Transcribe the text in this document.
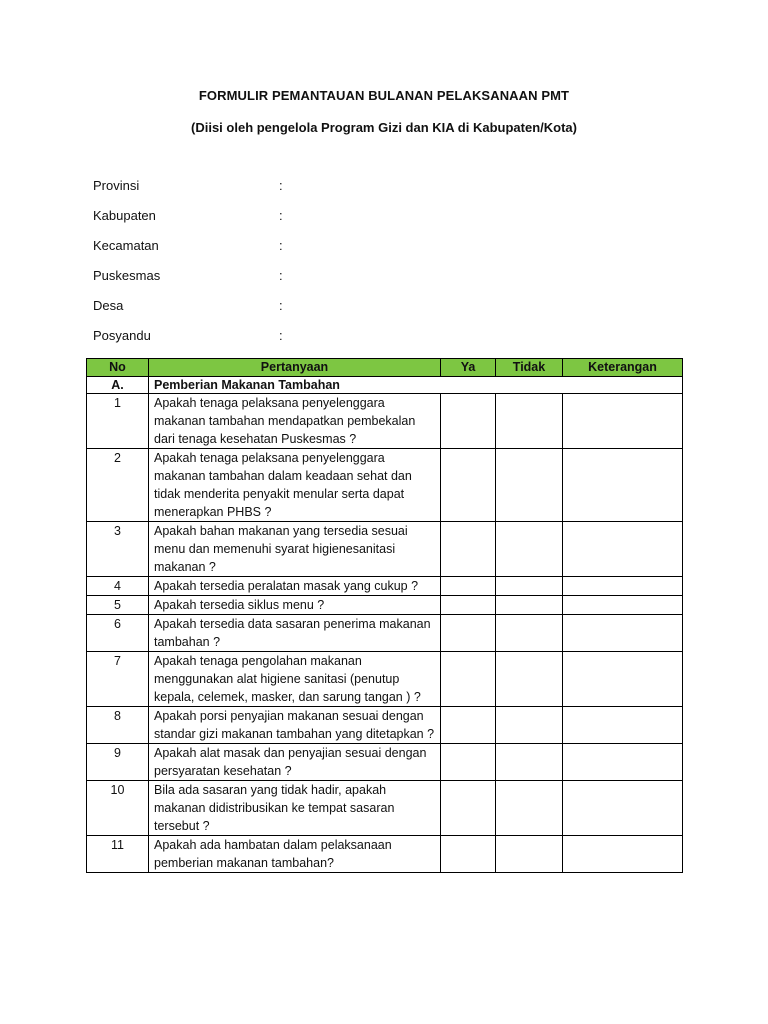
FORMULIR PEMANTAUAN BULANAN PELAKSANAAN PMT
(Diisi oleh pengelola Program Gizi dan KIA di Kabupaten/Kota)
Provinsi	:
Kabupaten	:
Kecamatan	:
Puskesmas	:
Desa	:
Posyandu	:
No	Pertanyaan	Ya	Tidak	Keterangan
A.	Pemberian Makanan Tambahan			
1	Apakah tenaga pelaksana penyelenggara makanan tambahan mendapatkan pembekalan dari tenaga kesehatan Puskesmas ?			
2	Apakah tenaga pelaksana penyelenggara makanan tambahan dalam keadaan sehat dan tidak menderita penyakit menular serta dapat menerapkan PHBS ?			
3	Apakah bahan makanan yang tersedia sesuai menu dan memenuhi syarat higienesanitasi makanan ?			
4	Apakah tersedia peralatan masak yang cukup ?			
5	Apakah tersedia siklus menu ?			
6	Apakah tersedia data sasaran penerima makanan tambahan ?			
7	Apakah tenaga pengolahan makanan menggunakan alat higiene sanitasi (penutup kepala, celemek, masker, dan sarung tangan ) ?			
8	Apakah porsi penyajian makanan sesuai dengan standar gizi makanan tambahan yang ditetapkan ?			
9	Apakah alat masak dan penyajian sesuai dengan persyaratan kesehatan ?			
10	Bila ada sasaran yang tidak hadir, apakah makanan didistribusikan ke tempat sasaran tersebut ?			
11	Apakah ada hambatan dalam pelaksanaan pemberian makanan tambahan?			
